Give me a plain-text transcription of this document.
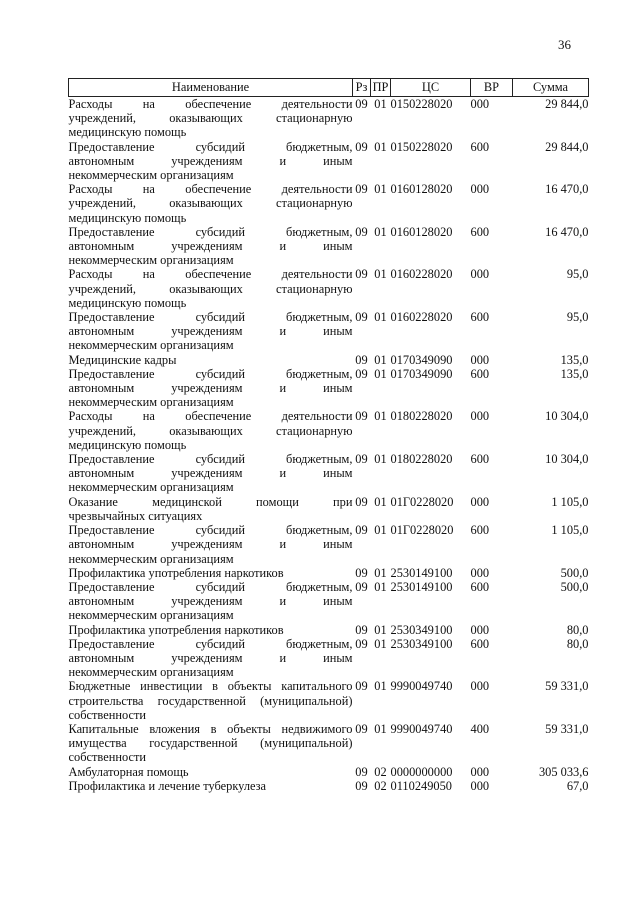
36
Наименование	Рз	ПР	ЦС	ВР	Сумма

Расходы на обеспечение деятельности
учреждений, оказывающих стационарную
медицинскую помощь	09	01	0150228020	000	29 844,0

Предоставление субсидий бюджетным,
автономным учреждениям и иным
некоммерческим организациям	09	01	0150228020	600	29 844,0

Расходы на обеспечение деятельности
учреждений, оказывающих стационарную
медицинскую помощь	09	01	0160128020	000	16 470,0

Предоставление субсидий бюджетным,
автономным учреждениям и иным
некоммерческим организациям	09	01	0160128020	600	16 470,0

Расходы на обеспечение деятельности
учреждений, оказывающих стационарную
медицинскую помощь	09	01	0160228020	000	95,0

Предоставление субсидий бюджетным,
автономным учреждениям и иным
некоммерческим организациям	09	01	0160228020	600	95,0

Медицинские кадры	09	01	0170349090	000	135,0

Предоставление субсидий бюджетным,
автономным учреждениям и иным
некоммерческим организациям	09	01	0170349090	600	135,0

Расходы на обеспечение деятельности
учреждений, оказывающих стационарную
медицинскую помощь	09	01	0180228020	000	10 304,0

Предоставление субсидий бюджетным,
автономным учреждениям и иным
некоммерческим организациям	09	01	0180228020	600	10 304,0

Оказание медицинской помощи при
чрезвычайных ситуациях	09	01	01Г0228020	000	1 105,0

Предоставление субсидий бюджетным,
автономным учреждениям и иным
некоммерческим организациям	09	01	01Г0228020	600	1 105,0

Профилактика употребления наркотиков	09	01	2530149100	000	500,0

Предоставление субсидий бюджетным,
автономным учреждениям и иным
некоммерческим организациям	09	01	2530149100	600	500,0

Профилактика употребления наркотиков	09	01	2530349100	000	80,0

Предоставление субсидий бюджетным,
автономным учреждениям и иным
некоммерческим организациям	09	01	2530349100	600	80,0

Бюджетные инвестиции в объекты капитального
строительства государственной (муниципальной)
собственности	09	01	9990049740	000	59 331,0

Капитальные вложения в объекты недвижимого
имущества государственной (муниципальной)
собственности	09	01	9990049740	400	59 331,0

Амбулаторная помощь	09	02	0000000000	000	305 033,6

Профилактика и лечение туберкулеза	09	02	0110249050	000	67,0
